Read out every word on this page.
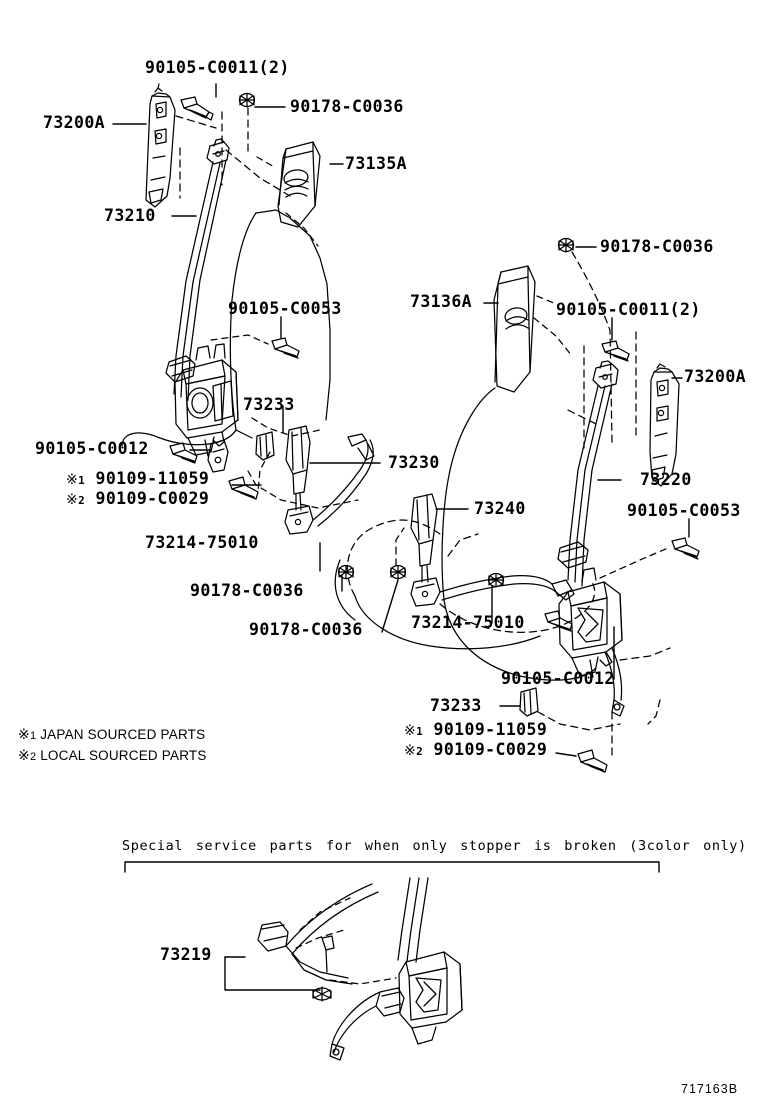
90105-C0011(2)
73200A
90178-C0036
73135A
73210
90105-C0053	73136A
90178-C0036
90105-C0011(2)
73200A
73233
90105-C0012
※1 90109-11059
※2 90109-C0029
73230
73220
90105-C0053
73240
73214-75010
90178-C0036
90178-C0036	73214-75010
90105-C0012
73233
※1 90109-11059
※2 90109-C0029
73219
※1 JAPAN SOURCED PARTS
※2 LOCAL SOURCED PARTS
Special service parts for when only stopper is broken (3color only)
717163B
